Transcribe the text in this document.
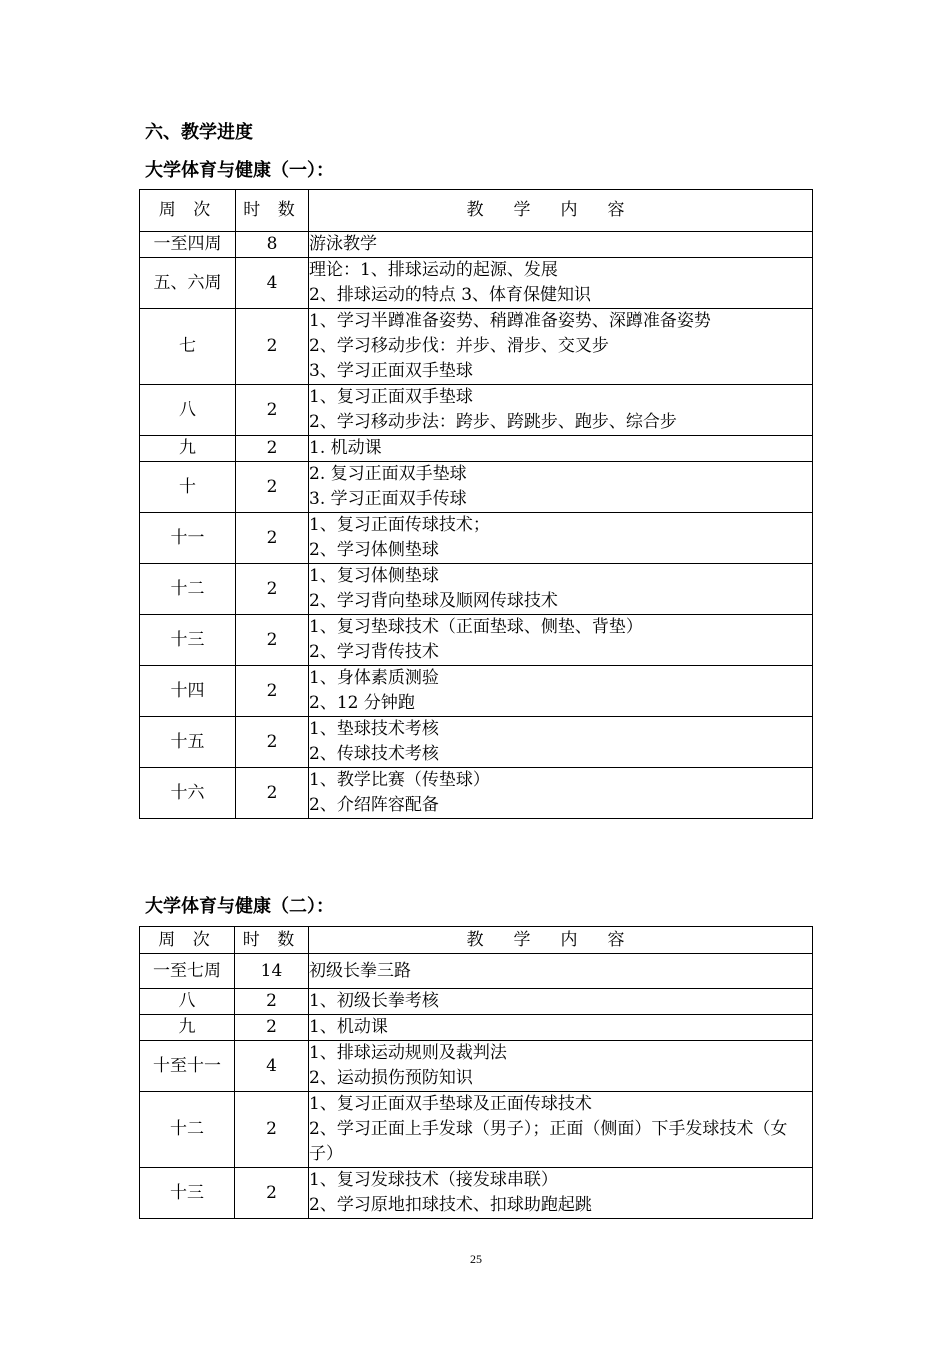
六、教学进度
大学体育与健康（一）：
周 次	时 数	教学内容
一至四周	8	游泳教学

五、六周	4	理论：1、排球运动的起源、发展
2、排球运动的特点 3、体育保健知识

七	2	1、学习半蹲准备姿势、稍蹲准备姿势、深蹲准备姿势
2、学习移动步伐：并步、滑步、交叉步
3、学习正面双手垫球

八	2	1、复习正面双手垫球
2、学习移动步法：跨步、跨跳步、跑步、综合步

九	2	1. 机动课

十	2	2. 复习正面双手垫球
3. 学习正面双手传球

十一	2	1、复习正面传球技术；
2、学习体侧垫球

十二	2	1、复习体侧垫球
2、学习背向垫球及顺网传球技术

十三	2	1、复习垫球技术（正面垫球、侧垫、背垫）
2、学习背传技术

十四	2	1、身体素质测验
2、12 分钟跑

十五	2	1、垫球技术考核
2、传球技术考核

十六	2	1、教学比赛（传垫球）
2、介绍阵容配备
大学体育与健康（二）：
周 次	时 数	教学内容
一至七周	14	初级长拳三路

八	2	1、初级长拳考核

九	2	1、机动课

十至十一	4	1、排球运动规则及裁判法
2、运动损伤预防知识

十二	2	1、复习正面双手垫球及正面传球技术
2、学习正面上手发球（男子）；正面（侧面）下手发球技术（女子）

十三	2	1、复习发球技术（接发球串联）
2、学习原地扣球技术、扣球助跑起跳
25
